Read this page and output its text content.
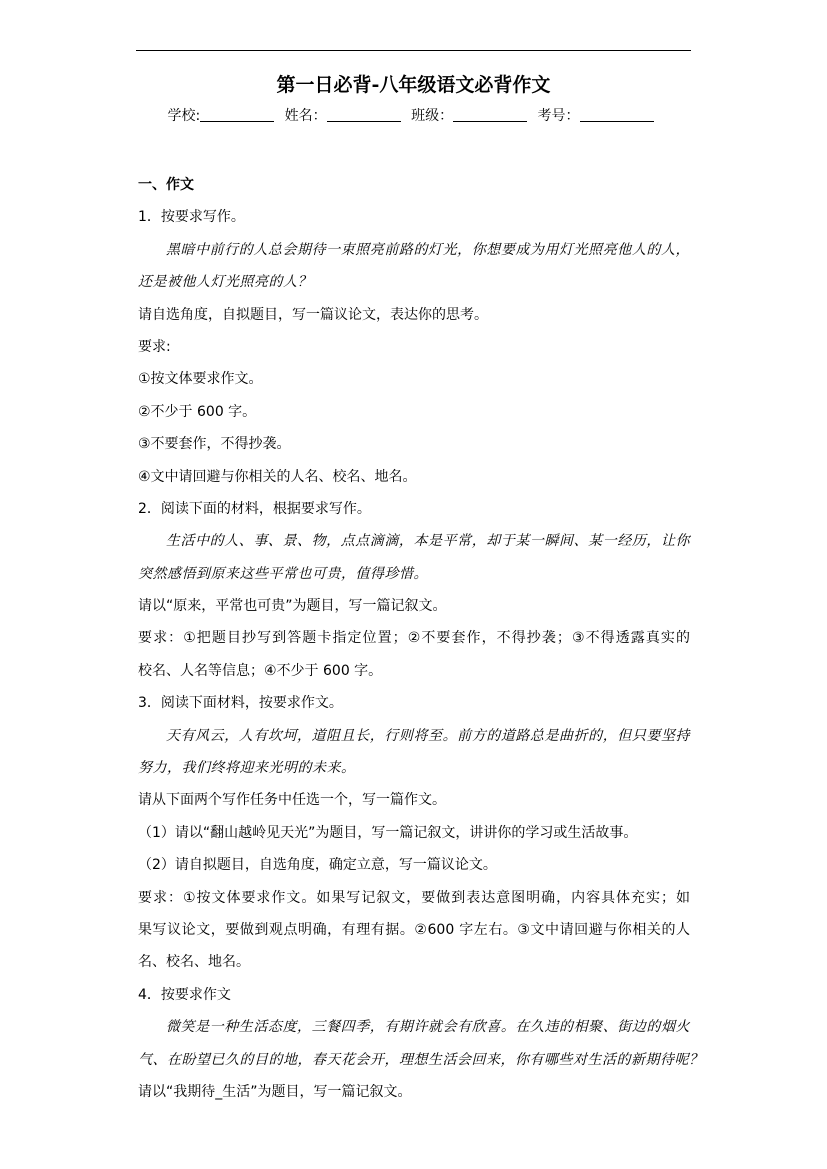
第一日必背-八年级语文必背作文
学校:	姓名：	班级：	考号：
一、作文
1．按要求写作。
黑暗中前行的人总会期待一束照亮前路的灯光，你想要成为用灯光照亮他人的人，
还是被他人灯光照亮的人？
请自选角度，自拟题目，写一篇议论文，表达你的思考。
要求:
①按文体要求作文。
②不少于 600 字。
③不要套作，不得抄袭。
④文中请回避与你相关的人名、校名、地名。
2．阅读下面的材料，根据要求写作。
生活中的人、事、景、物，点点滴滴，本是平常，却于某一瞬间、某一经历，让你
突然感悟到原来这些平常也可贵，值得珍惜。
请以“原来，平常也可贵”为题目，写一篇记叙文。
要求：①把题目抄写到答题卡指定位置；②不要套作，不得抄袭；③不得透露真实的
校名、人名等信息；④不少于 600 字。
3．阅读下面材料，按要求作文。
天有风云，人有坎坷，道阻且长，行则将至。前方的道路总是曲折的，但只要坚持
努力，我们终将迎来光明的未来。
请从下面两个写作任务中任选一个，写一篇作文。
（1）请以“翻山越岭见天光”为题目，写一篇记叙文，讲讲你的学习或生活故事。
（2）请自拟题目，自选角度，确定立意，写一篇议论文。
要求：①按文体要求作文。如果写记叙文，要做到表达意图明确，内容具体充实；如
果写议论文，要做到观点明确，有理有据。②600 字左右。③文中请回避与你相关的人
名、校名、地名。
4．按要求作文
微笑是一种生活态度，三餐四季，有期许就会有欣喜。在久违的相聚、街边的烟火
气、在盼望已久的目的地，春天花会开，理想生活会回来，你有哪些对生活的新期待呢？
请以“我期待_生活”为题目，写一篇记叙文。
